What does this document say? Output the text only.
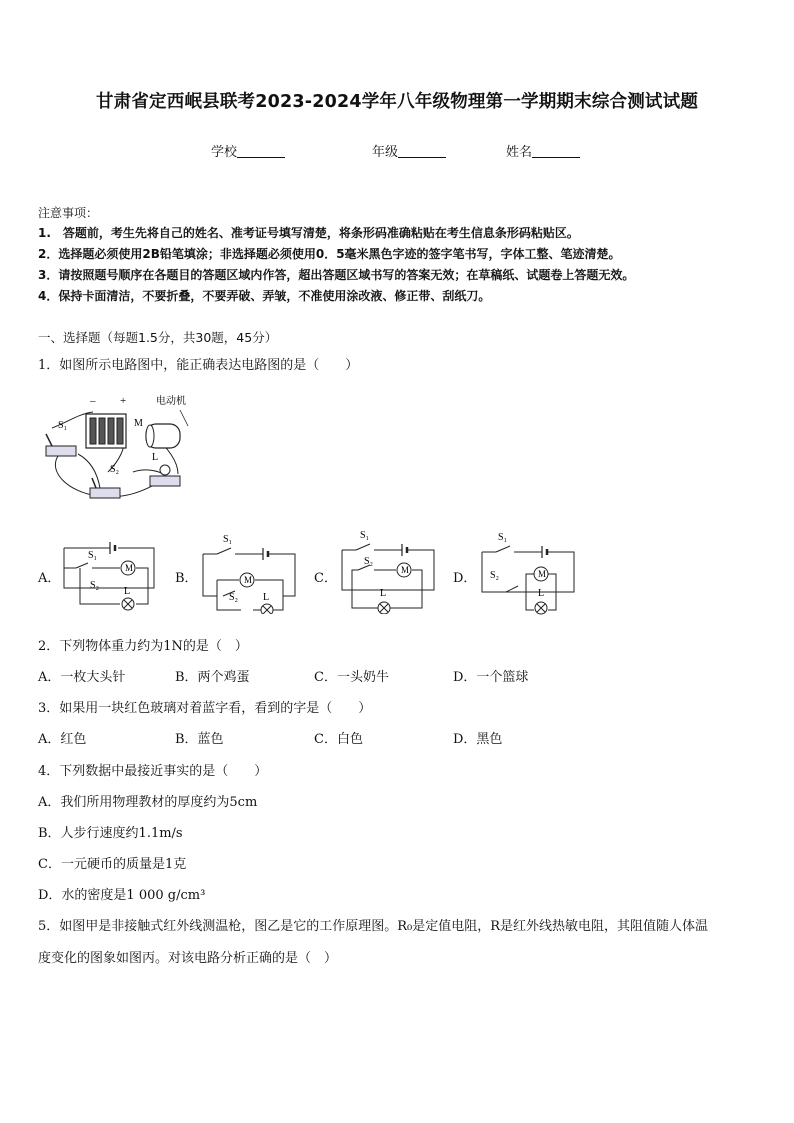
甘肃省定西岷县联考2023-2024学年八年级物理第一学期期末综合测试试题
学校	年级	姓名
注意事项：
1.　答题前，考生先将自己的姓名、准考证号填写清楚，将条形码准确粘贴在考生信息条形码粘贴区。
2．选择题必须使用2B铅笔填涂；非选择题必须使用0．5毫米黑色字迹的签字笔书写，字体工整、笔迹清楚。
3．请按照题号顺序在各题目的答题区域内作答，超出答题区域书写的答案无效；在草稿纸、试题卷上答题无效。
4．保持卡面清洁，不要折叠，不要弄破、弄皱，不准使用涂改液、修正带、刮纸刀。
一、选择题（每题1.5分，共30题，45分）
1．如图所示电路图中，能正确表达电路图的是（　　）
– +	电动机
M
S₁
S₂
L
A．
S₁
S₂
M
L
B．
S₁
S₂
M
L
C．
S₁
S₂
M
L
D．
S₁
S₂	M
L
2．下列物体重力约为1N的是（　）
A．一枚大头针	B．两个鸡蛋	C．一头奶牛	D．一个篮球
3．如果用一块红色玻璃对着蓝字看，看到的字是（　　）
A．红色	B．蓝色	C．白色	D．黑色
4．下列数据中最接近事实的是（　　）
A．我们所用物理教材的厚度约为5cm
B．人步行速度约1.1m/s
C．一元硬币的质量是1克
D．水的密度是1 000 g/cm³
5．如图甲是非接触式红外线测温枪，图乙是它的工作原理图。R₀是定值电阻，R是红外线热敏电阻，其阻值随人体温
度变化的图象如图丙。对该电路分析正确的是（　）
